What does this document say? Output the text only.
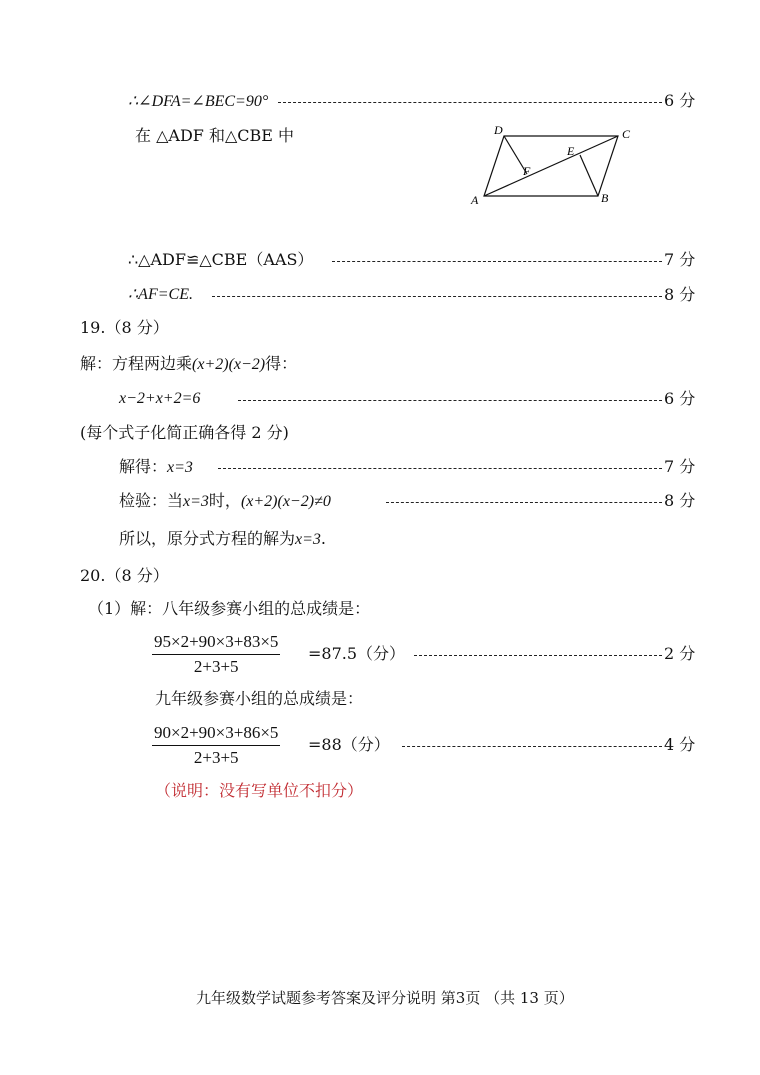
∴∠DFA=∠BEC=90°	6 分
在 △ADF 和△CBE 中	D	C
E
F
A	B
∴△ADF≌△CBE（AAS）	7 分
∴AF=CE.	8 分
19.（8 分）
解：方程两边乘(x+2)(x−2)得：
x−2+x+2=6	6 分
(每个式子化简正确各得 2 分)
解得：x=3	7 分
检验：当x=3时，(x+2)(x−2)≠0	8 分
所以，原分式方程的解为x=3.
20.（8 分）
（1）解：八年级参赛小组的总成绩是：
$\frac{95\times 2+90\times 3+83\times 5}{2+3+5} =87.5$（分）	2 分
九年级参赛小组的总成绩是：
$\frac{90\times 2+90\times 3+86\times 5}{2+3+5} =88$（分）	4 分
（说明：没有写单位不扣分）
九年级数学试题参考答案及评分说明 第3页 （共 13 页）
